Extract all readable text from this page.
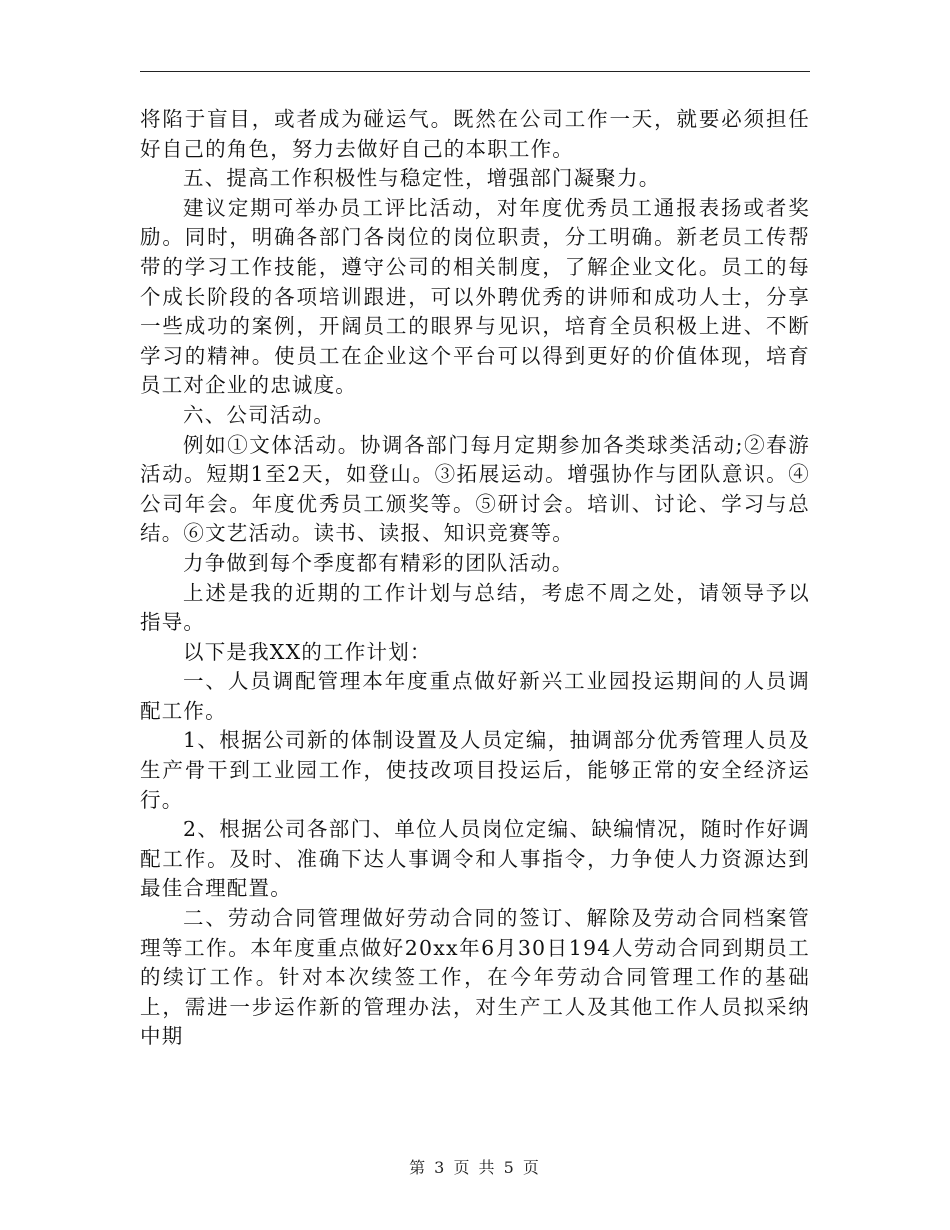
将陷于盲目，或者成为碰运气。既然在公司工作一天，就要必须担任好自己的角色，努力去做好自己的本职工作。

五、提高工作积极性与稳定性，增强部门凝聚力。

建议定期可举办员工评比活动，对年度优秀员工通报表扬或者奖励。同时，明确各部门各岗位的岗位职责，分工明确。新老员工传帮带的学习工作技能，遵守公司的相关制度，了解企业文化。员工的每个成长阶段的各项培训跟进，可以外聘优秀的讲师和成功人士，分享一些成功的案例，开阔员工的眼界与见识，培育全员积极上进、不断学习的精神。使员工在企业这个平台可以得到更好的价值体现，培育员工对企业的忠诚度。

六、公司活动。

例如①文体活动。协调各部门每月定期参加各类球类活动;②春游活动。短期1至2天，如登山。③拓展运动。增强协作与团队意识。④公司年会。年度优秀员工颁奖等。⑤研讨会。培训、讨论、学习与总结。⑥文艺活动。读书、读报、知识竞赛等。

力争做到每个季度都有精彩的团队活动。

上述是我的近期的工作计划与总结，考虑不周之处，请领导予以指导。

以下是我XX的工作计划：

一、人员调配管理本年度重点做好新兴工业园投运期间的人员调配工作。

1、根据公司新的体制设置及人员定编，抽调部分优秀管理人员及生产骨干到工业园工作，使技改项目投运后，能够正常的安全经济运行。

2、根据公司各部门、单位人员岗位定编、缺编情况，随时作好调配工作。及时、准确下达人事调令和人事指令，力争使人力资源达到最佳合理配置。

二、劳动合同管理做好劳动合同的签订、解除及劳动合同档案管理等工作。本年度重点做好20xx年6月30日194人劳动合同到期员工的续订工作。针对本次续签工作，在今年劳动合同管理工作的基础上，需进一步运作新的管理办法，对生产工人及其他工作人员拟采纳中期

第 3 页 共 5 页
